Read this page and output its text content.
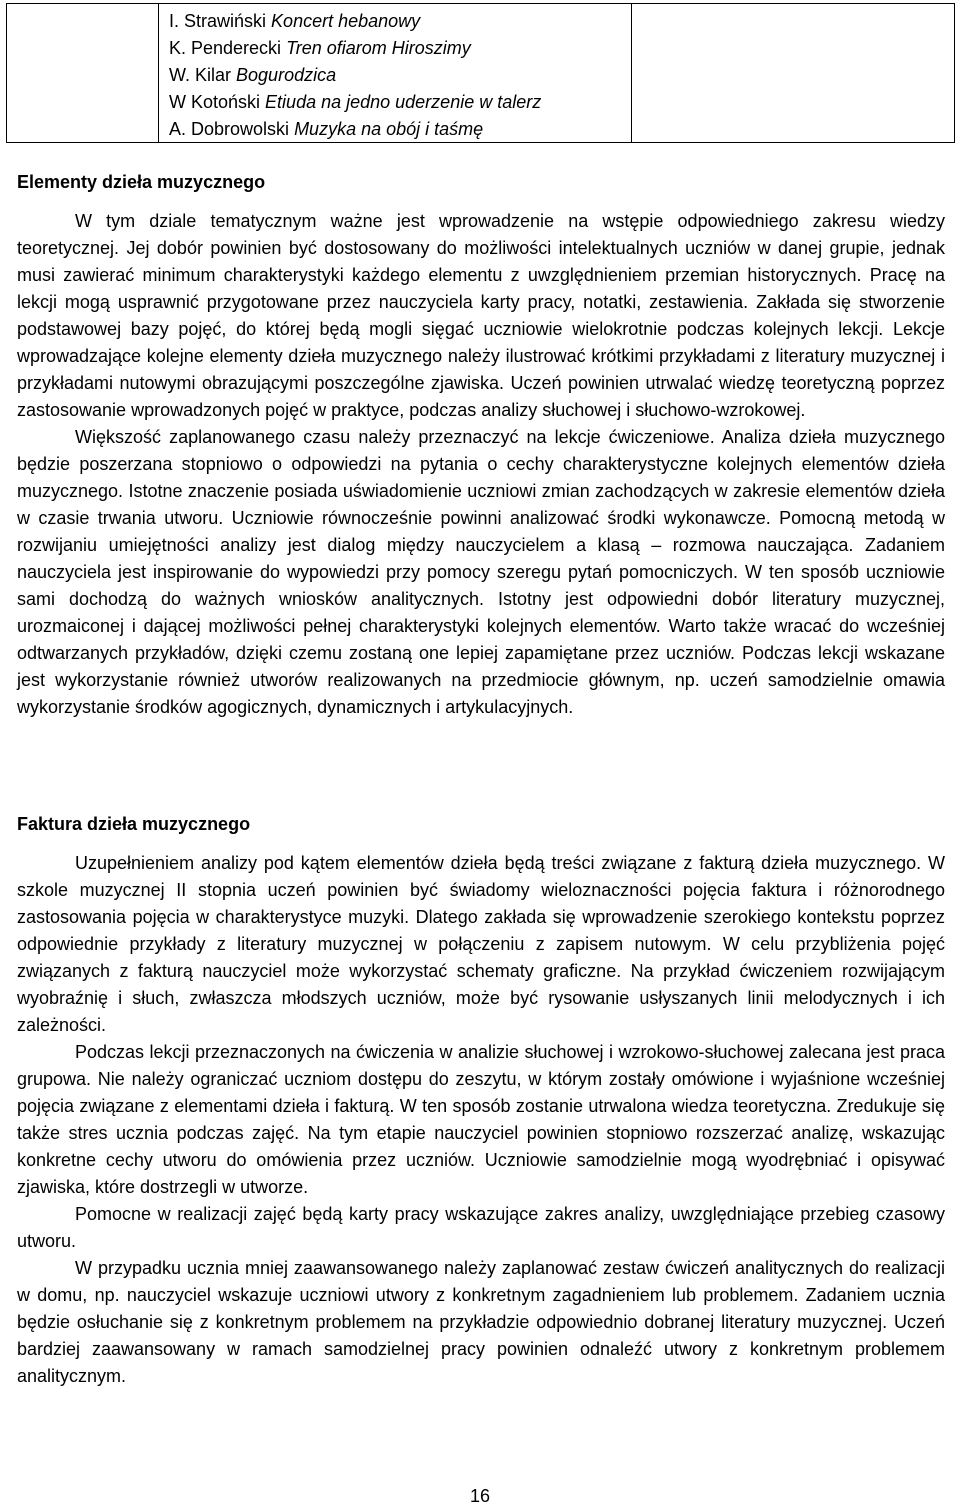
I. Strawiński Koncert hebanowy
K. Penderecki Tren ofiarom Hiroszimy
W. Kilar Bogurodzica
W Kotoński Etiuda na jedno uderzenie w talerz
A. Dobrowolski Muzyka na obój i taśmę
Elementy dzieła muzycznego

W tym dziale tematycznym ważne jest wprowadzenie na wstępie odpowiedniego zakresu wiedzy teoretycznej. Jej dobór powinien być dostosowany do możliwości intelektualnych uczniów w danej grupie, jednak musi zawierać minimum charakterystyki każdego elementu z uwzględnieniem przemian historycznych. Pracę na lekcji mogą usprawnić przygotowane przez nauczyciela karty pracy, notatki, zestawienia. Zakłada się stworzenie podstawowej bazy pojęć, do której będą mogli sięgać uczniowie wielokrotnie podczas kolejnych lekcji. Lekcje wprowadzające kolejne elementy dzieła muzycznego należy ilustrować krótkimi przykładami z literatury muzycznej i przykładami nutowymi obrazującymi poszczególne zjawiska. Uczeń powinien utrwalać wiedzę teoretyczną poprzez zastosowanie wprowadzonych pojęć w praktyce, podczas analizy słuchowej i słuchowo-wzrokowej.

Większość zaplanowanego czasu należy przeznaczyć na lekcje ćwiczeniowe. Analiza dzieła muzycznego będzie poszerzana stopniowo o odpowiedzi na pytania o cechy charakterystyczne kolejnych elementów dzieła muzycznego. Istotne znaczenie posiada uświadomienie uczniowi zmian zachodzących w zakresie elementów dzieła w czasie trwania utworu. Uczniowie równocześnie powinni analizować środki wykonawcze. Pomocną metodą w rozwijaniu umiejętności analizy jest dialog między nauczycielem a klasą – rozmowa nauczająca. Zadaniem nauczyciela jest inspirowanie do wypowiedzi przy pomocy szeregu pytań pomocniczych. W ten sposób uczniowie sami dochodzą do ważnych wniosków analitycznych. Istotny jest odpowiedni dobór literatury muzycznej, urozmaiconej i dającej możliwości pełnej charakterystyki kolejnych elementów. Warto także wracać do wcześniej odtwarzanych przykładów, dzięki czemu zostaną one lepiej zapamiętane przez uczniów. Podczas lekcji wskazane jest wykorzystanie również utworów realizowanych na przedmiocie głównym, np. uczeń samodzielnie omawia wykorzystanie środków agogicznych, dynamicznych i artykulacyjnych.

Faktura dzieła muzycznego

Uzupełnieniem analizy pod kątem elementów dzieła będą treści związane z fakturą dzieła muzycznego. W szkole muzycznej II stopnia uczeń powinien być świadomy wieloznaczności pojęcia faktura i różnorodnego zastosowania pojęcia w charakterystyce muzyki. Dlatego zakłada się wprowadzenie szerokiego kontekstu poprzez odpowiednie przykłady z literatury muzycznej w połączeniu z zapisem nutowym. W celu przybliżenia pojęć związanych z fakturą nauczyciel może wykorzystać schematy graficzne. Na przykład ćwiczeniem rozwijającym wyobraźnię i słuch, zwłaszcza młodszych uczniów, może być rysowanie usłyszanych linii melodycznych i ich zależności.

Podczas lekcji przeznaczonych na ćwiczenia w analizie słuchowej i wzrokowo-słuchowej zalecana jest praca grupowa. Nie należy ograniczać uczniom dostępu do zeszytu, w którym zostały omówione i wyjaśnione wcześniej pojęcia związane z elementami dzieła i fakturą. W ten sposób zostanie utrwalona wiedza teoretyczna. Zredukuje się także stres ucznia podczas zajęć. Na tym etapie nauczyciel powinien stopniowo rozszerzać analizę, wskazując konkretne cechy utworu do omówienia przez uczniów. Uczniowie samodzielnie mogą wyodrębniać i opisywać zjawiska, które dostrzegli w utworze.

Pomocne w realizacji zajęć będą karty pracy wskazujące zakres analizy, uwzględniające przebieg czasowy utworu.

W przypadku ucznia mniej zaawansowanego należy zaplanować zestaw ćwiczeń analitycznych do realizacji w domu, np. nauczyciel wskazuje uczniowi utwory z konkretnym zagadnieniem lub problemem. Zadaniem ucznia będzie osłuchanie się z konkretnym problemem na przykładzie odpowiednio dobranej literatury muzycznej. Uczeń bardziej zaawansowany w ramach samodzielnej pracy powinien odnaleźć utwory z konkretnym problemem analitycznym.

16
